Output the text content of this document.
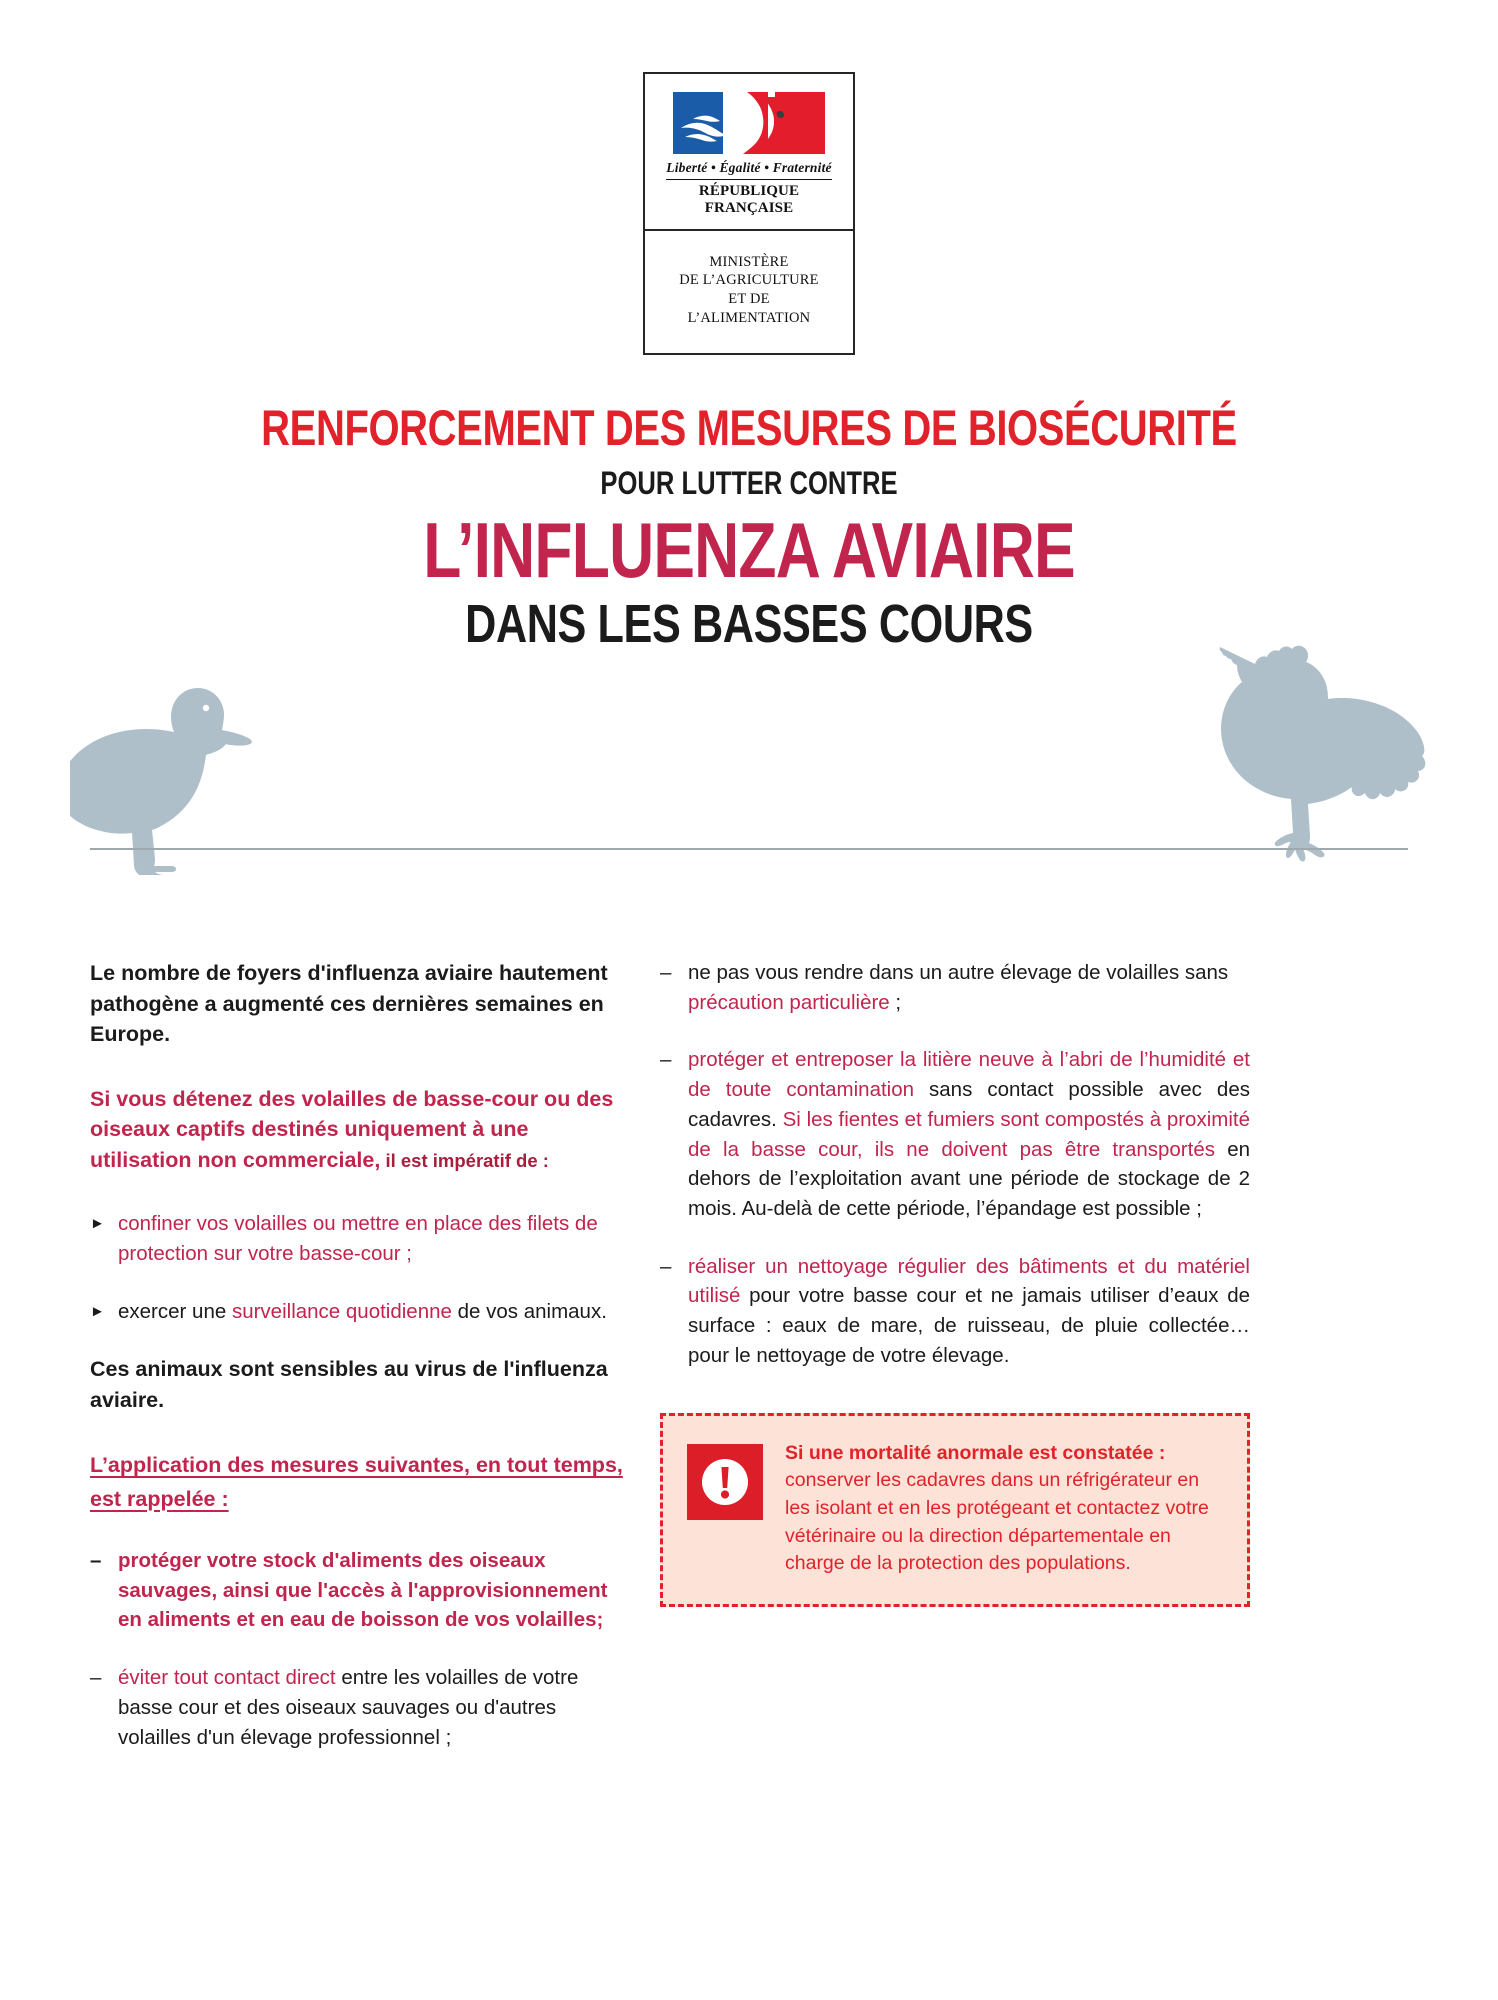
Liberté • Égalité • Fraternité
RÉPUBLIQUE FRANÇAISE
MINISTÈRE
DE L’AGRICULTURE
ET DE
L’ALIMENTATION
RENFORCEMENT DES MESURES DE BIOSÉCURITÉ
POUR LUTTER CONTRE
L’INFLUENZA AVIAIRE
DANS LES BASSES COURS

Le nombre de foyers d'influenza aviaire hautement pathogène a augmenté ces dernières semaines en Europe.

Si vous détenez des volailles de basse-cour ou des oiseaux captifs destinés uniquement à une utilisation non commerciale, il est impératif de :

► confiner vos volailles ou mettre en place des filets de protection sur votre basse-cour ;
► exercer une surveillance quotidienne de vos animaux.

Ces animaux sont sensibles au virus de l'influenza aviaire.

L’application des mesures suivantes, en tout temps, est rappelée :

– protéger votre stock d'aliments des oiseaux sauvages, ainsi que l'accès à l'approvisionnement en aliments et en eau de boisson de vos volailles;
– éviter tout contact direct entre les volailles de votre basse cour et des oiseaux sauvages ou d'autres volailles d'un élevage professionnel ;
– ne pas vous rendre dans un autre élevage de volailles sans précaution particulière ;
– protéger et entreposer la litière neuve à l’abri de l’humidité et de toute contamination sans contact possible avec des cadavres. Si les fientes et fumiers sont compostés à proximité de la basse cour, ils ne doivent pas être transportés en dehors de l’exploitation avant une période de stockage de 2 mois. Au-delà de cette période, l’épandage est possible ;
– réaliser un nettoyage régulier des bâtiments et du matériel utilisé pour votre basse cour et ne jamais utiliser d’eaux de surface : eaux de mare, de ruisseau, de pluie collectée… pour le nettoyage de votre élevage.
Si une mortalité anormale est constatée : conserver les cadavres dans un réfrigérateur en les isolant et en les protégeant et contactez votre vétérinaire ou la direction départementale en charge de la protection des populations.
